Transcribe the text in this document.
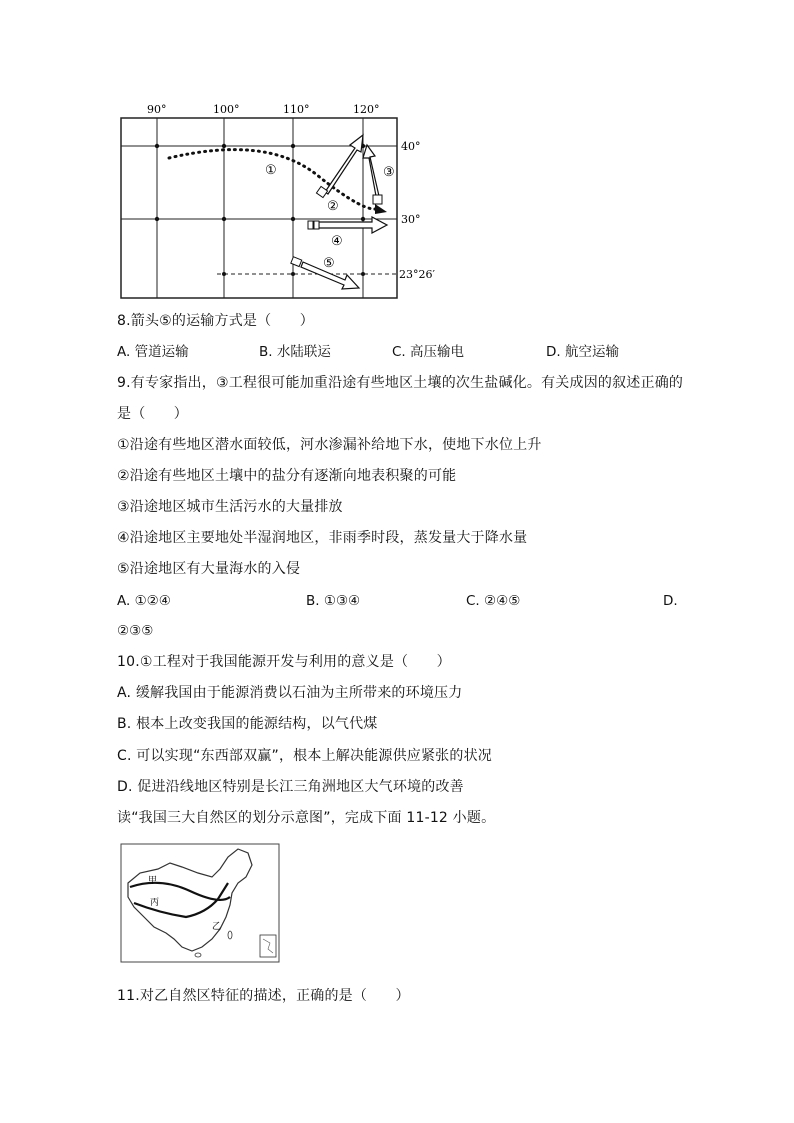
90°	100°	110°	120°
40°
30°
23°26′
①
②
③
④
⑤
8.箭头⑤的运输方式是（　　）
A. 管道运输	B. 水陆联运	C. 高压输电	D. 航空运输
9.有专家指出，③工程很可能加重沿途有些地区土壤的次生盐碱化。有关成因的叙述正确的
是（　　）
①沿途有些地区潜水面较低，河水渗漏补给地下水，使地下水位上升
②沿途有些地区土壤中的盐分有逐渐向地表积聚的可能
③沿途地区城市生活污水的大量排放
④沿途地区主要地处半湿润地区，非雨季时段，蒸发量大于降水量
⑤沿途地区有大量海水的入侵
A. ①②④	B. ①③④	C. ②④⑤	D.
②③⑤
10.①工程对于我国能源开发与利用的意义是（　　）
A. 缓解我国由于能源消费以石油为主所带来的环境压力
B. 根本上改变我国的能源结构，以气代煤
C. 可以实现“东西部双赢”，根本上解决能源供应紧张的状况
D. 促进沿线地区特别是长江三角洲地区大气环境的改善
读“我国三大自然区的划分示意图”，完成下面 11-12 小题。
甲
丙
乙
11.对乙自然区特征的描述，正确的是（　　）
